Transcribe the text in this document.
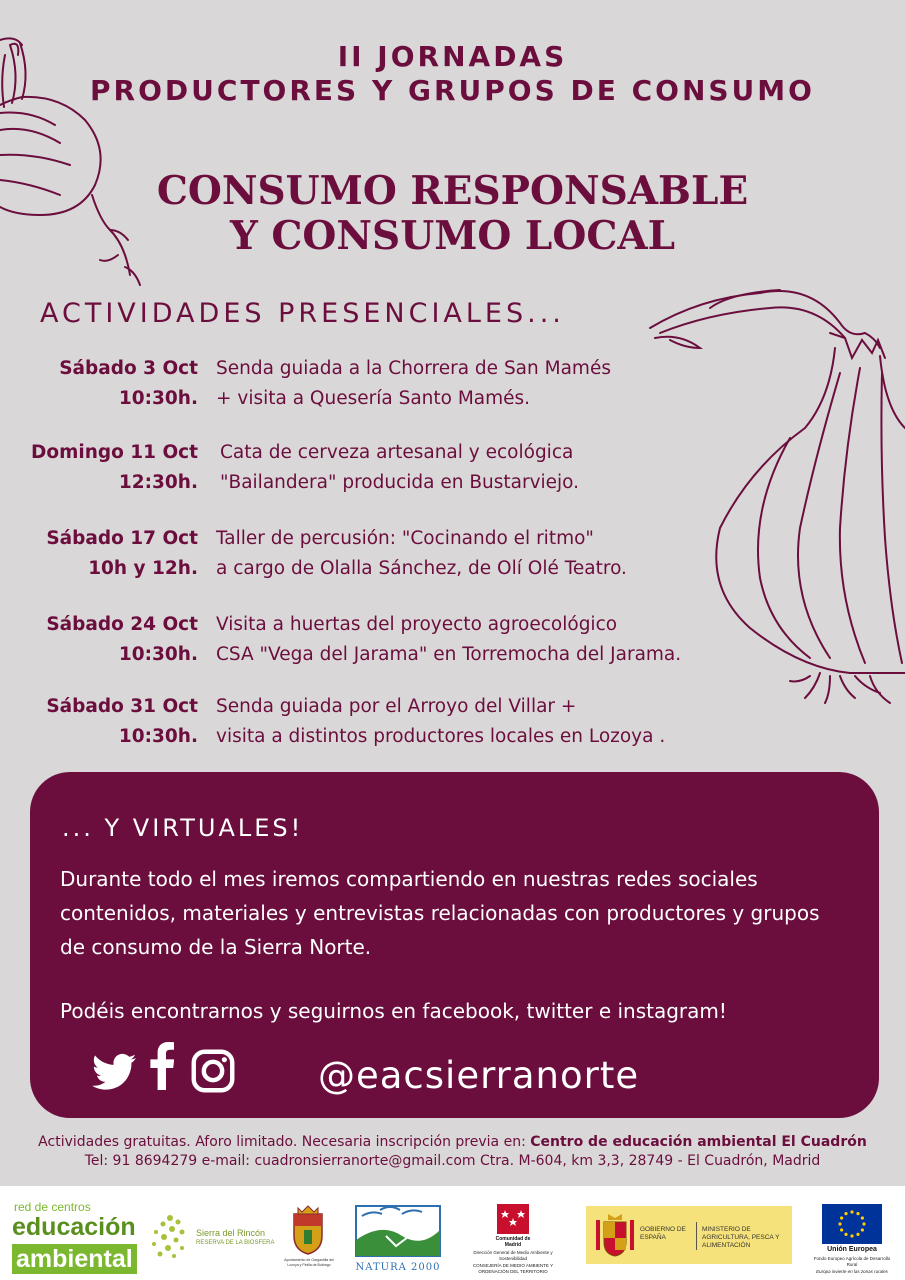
II JORNADAS
PRODUCTORES Y GRUPOS DE CONSUMO
CONSUMO RESPONSABLE
Y CONSUMO LOCAL
ACTIVIDADES PRESENCIALES...
Sábado 3 Oct
10:30h.
Senda guiada a la Chorrera de San Mamés
+ visita a Quesería Santo Mamés.
Domingo 11 Oct
12:30h.
Cata de cerveza artesanal y ecológica
"Bailandera" producida en Bustarviejo.
Sábado 17 Oct
10h y 12h.
Taller de percusión: "Cocinando el ritmo"
a cargo de Olalla Sánchez, de Olí Olé Teatro.
Sábado 24 Oct
10:30h.
Visita a huertas del proyecto agroecológico
CSA "Vega del Jarama" en Torremocha del Jarama.
Sábado 31 Oct
10:30h.
Senda guiada por el Arroyo del Villar +
visita a distintos productores locales en Lozoya .
... Y VIRTUALES!
Durante todo el mes iremos compartiendo en nuestras redes sociales
contenidos, materiales y entrevistas relacionadas con productores y grupos
de consumo de la Sierra Norte.
Podéis encontrarnos y seguirnos en facebook, twitter e instagram!
@eacsierranorte
Actividades gratuitas. Aforo limitado. Necesaria inscripción previa en: Centro de educación ambiental El Cuadrón
Tel: 91 8694279 e-mail: cuadronsierranorte@gmail.com Ctra. M-604, km 3,3, 28749 - El Cuadrón, Madrid
red de centros
educación
ambiental
Sierra del Rincón
RESERVA DE LA BIOSFERA
Ayuntamiento de Gargantilla del Lozoya y Pinilla de Buitrago	NATURA 2000
Comunidad de Madrid
Dirección General de Medio Ambiente y Sostenibilidad
CONSEJERÍA DE MEDIO AMBIENTE Y ORDENACIÓN DEL TERRITORIO
GOBIERNO DE ESPAÑA
MINISTERIO DE AGRICULTURA, PESCA Y ALIMENTACIÓN
Unión Europea
Fondo Europeo Agrícola de Desarrollo Rural
Europa invierte en las zonas rurales
